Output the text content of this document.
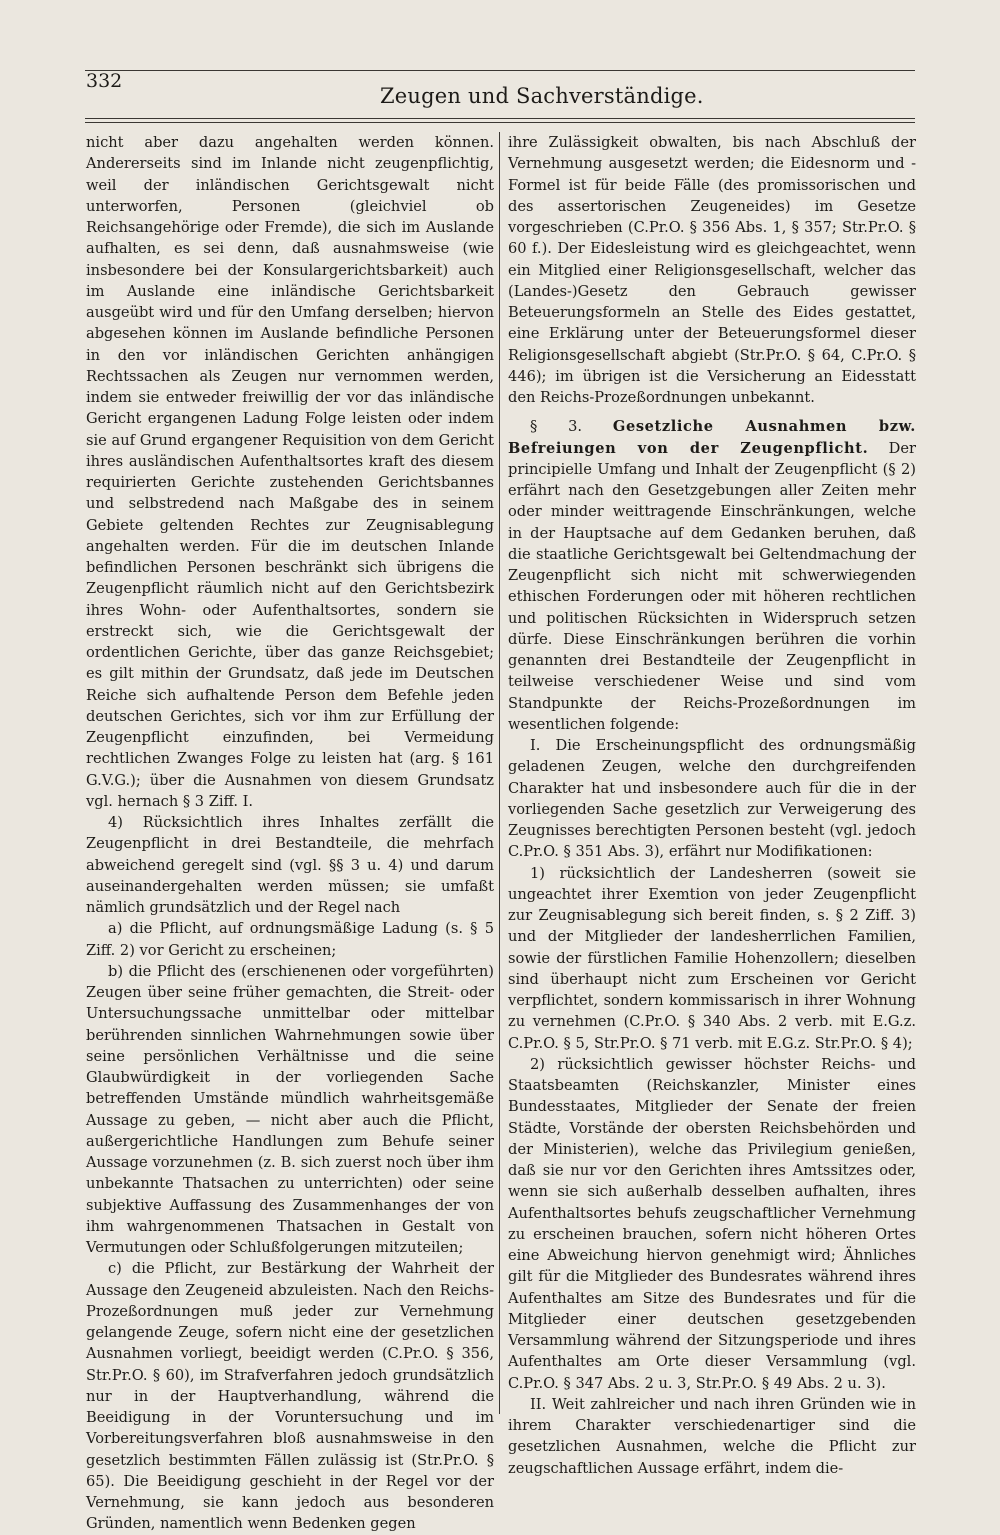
332
Zeugen und Sachverständige.

nicht aber dazu angehalten werden können. Andererseits sind im Inlande nicht zeugenpflichtig, weil der inländischen Gerichtsgewalt nicht unterworfen, Personen (gleichviel ob Reichsangehörige oder Fremde), die sich im Auslande aufhalten, es sei denn, daß ausnahmsweise (wie insbesondere bei der Konsulargerichtsbarkeit) auch im Auslande eine inländische Gerichtsbarkeit ausgeübt wird und für den Umfang derselben; hiervon abgesehen können im Auslande befindliche Personen in den vor inländischen Gerichten anhängigen Rechtssachen als Zeugen nur vernommen werden, indem sie entweder freiwillig der vor das inländische Gericht ergangenen Ladung Folge leisten oder indem sie auf Grund ergangener Requisition von dem Gericht ihres ausländischen Aufenthaltsortes kraft des diesem requirierten Gerichte zustehenden Gerichtsbannes und selbstredend nach Maßgabe des in seinem Gebiete geltenden Rechtes zur Zeugnisablegung angehalten werden. Für die im deutschen Inlande befindlichen Personen beschränkt sich übrigens die Zeugenpflicht räumlich nicht auf den Gerichtsbezirk ihres Wohn- oder Aufenthaltsortes, sondern sie erstreckt sich, wie die Gerichtsgewalt der ordentlichen Gerichte, über das ganze Reichsgebiet; es gilt mithin der Grundsatz, daß jede im Deutschen Reiche sich aufhaltende Person dem Befehle jeden deutschen Gerichtes, sich vor ihm zur Erfüllung der Zeugenpflicht einzufinden, bei Vermeidung rechtlichen Zwanges Folge zu leisten hat (arg. § 161 G.V.G.); über die Ausnahmen von diesem Grundsatz vgl. hernach § 3 Ziff. I.

4) Rücksichtlich ihres Inhaltes zerfällt die Zeugenpflicht in drei Bestandteile, die mehrfach abweichend geregelt sind (vgl. §§ 3 u. 4) und darum auseinandergehalten werden müssen; sie umfaßt nämlich grundsätzlich und der Regel nach

a) die Pflicht, auf ordnungsmäßige Ladung (s. § 5 Ziff. 2) vor Gericht zu erscheinen;

b) die Pflicht des (erschienenen oder vorgeführten) Zeugen über seine früher gemachten, die Streit- oder Untersuchungssache unmittelbar oder mittelbar berührenden sinnlichen Wahrnehmungen sowie über seine persönlichen Verhältnisse und die seine Glaubwürdigkeit in der vorliegenden Sache betreffenden Umstände mündlich wahrheitsgemäße Aussage zu geben, — nicht aber auch die Pflicht, außergerichtliche Handlungen zum Behufe seiner Aussage vorzunehmen (z. B. sich zuerst noch über ihm unbekannte Thatsachen zu unterrichten) oder seine subjektive Auffassung des Zusammenhanges der von ihm wahrgenommenen Thatsachen in Gestalt von Vermutungen oder Schlußfolgerungen mitzuteilen;

c) die Pflicht, zur Bestärkung der Wahrheit der Aussage den Zeugeneid abzuleisten. Nach den Reichs-Prozeßordnungen muß jeder zur Vernehmung gelangende Zeuge, sofern nicht eine der gesetzlichen Ausnahmen vorliegt, beeidigt werden (C.Pr.O. § 356, Str.Pr.O. § 60), im Strafverfahren jedoch grundsätzlich nur in der Hauptverhandlung, während die Beeidigung in der Voruntersuchung und im Vorbereitungsverfahren bloß ausnahmsweise in den gesetzlich bestimmten Fällen zulässig ist (Str.Pr.O. § 65). Die Beeidigung geschieht in der Regel vor der Vernehmung, sie kann jedoch aus besonderen Gründen, namentlich wenn Bedenken gegen

ihre Zulässigkeit obwalten, bis nach Abschluß der Vernehmung ausgesetzt werden; die Eidesnorm und -Formel ist für beide Fälle (des promissorischen und des assertorischen Zeugeneides) im Gesetze vorgeschrieben (C.Pr.O. § 356 Abs. 1, § 357; Str.Pr.O. § 60 f.). Der Eidesleistung wird es gleichgeachtet, wenn ein Mitglied einer Religionsgesellschaft, welcher das (Landes-)Gesetz den Gebrauch gewisser Beteuerungsformeln an Stelle des Eides gestattet, eine Erklärung unter der Beteuerungsformel dieser Religionsgesellschaft abgiebt (Str.Pr.O. § 64, C.Pr.O. § 446); im übrigen ist die Versicherung an Eidesstatt den Reichs-Prozeßordnungen unbekannt.

§ 3. Gesetzliche Ausnahmen bzw. Befreiungen von der Zeugenpflicht. Der principielle Umfang und Inhalt der Zeugenpflicht (§ 2) erfährt nach den Gesetzgebungen aller Zeiten mehr oder minder weittragende Einschränkungen, welche in der Hauptsache auf dem Gedanken beruhen, daß die staatliche Gerichtsgewalt bei Geltendmachung der Zeugenpflicht sich nicht mit schwerwiegenden ethischen Forderungen oder mit höheren rechtlichen und politischen Rücksichten in Widerspruch setzen dürfe. Diese Einschränkungen berühren die vorhin genannten drei Bestandteile der Zeugenpflicht in teilweise verschiedener Weise und sind vom Standpunkte der Reichs-Prozeßordnungen im wesentlichen folgende:

I. Die Erscheinungspflicht des ordnungsmäßig geladenen Zeugen, welche den durchgreifenden Charakter hat und insbesondere auch für die in der vorliegenden Sache gesetzlich zur Verweigerung des Zeugnisses berechtigten Personen besteht (vgl. jedoch C.Pr.O. § 351 Abs. 3), erfährt nur Modifikationen:

1) rücksichtlich der Landesherren (soweit sie ungeachtet ihrer Exemtion von jeder Zeugenpflicht zur Zeugnisablegung sich bereit finden, s. § 2 Ziff. 3) und der Mitglieder der landesherrlichen Familien, sowie der fürstlichen Familie Hohenzollern; dieselben sind überhaupt nicht zum Erscheinen vor Gericht verpflichtet, sondern kommissarisch in ihrer Wohnung zu vernehmen (C.Pr.O. § 340 Abs. 2 verb. mit E.G.z. C.Pr.O. § 5, Str.Pr.O. § 71 verb. mit E.G.z. Str.Pr.O. § 4);

2) rücksichtlich gewisser höchster Reichs- und Staatsbeamten (Reichskanzler, Minister eines Bundesstaates, Mitglieder der Senate der freien Städte, Vorstände der obersten Reichsbehörden und der Ministerien), welche das Privilegium genießen, daß sie nur vor den Gerichten ihres Amtssitzes oder, wenn sie sich außerhalb desselben aufhalten, ihres Aufenthaltsortes behufs zeugschaftlicher Vernehmung zu erscheinen brauchen, sofern nicht höheren Ortes eine Abweichung hiervon genehmigt wird; Ähnliches gilt für die Mitglieder des Bundesrates während ihres Aufenthaltes am Sitze des Bundesrates und für die Mitglieder einer deutschen gesetzgebenden Versammlung während der Sitzungsperiode und ihres Aufenthaltes am Orte dieser Versammlung (vgl. C.Pr.O. § 347 Abs. 2 u. 3, Str.Pr.O. § 49 Abs. 2 u. 3).

II. Weit zahlreicher und nach ihren Gründen wie in ihrem Charakter verschiedenartiger sind die gesetzlichen Ausnahmen, welche die Pflicht zur zeugschaftlichen Aussage erfährt, indem die-
